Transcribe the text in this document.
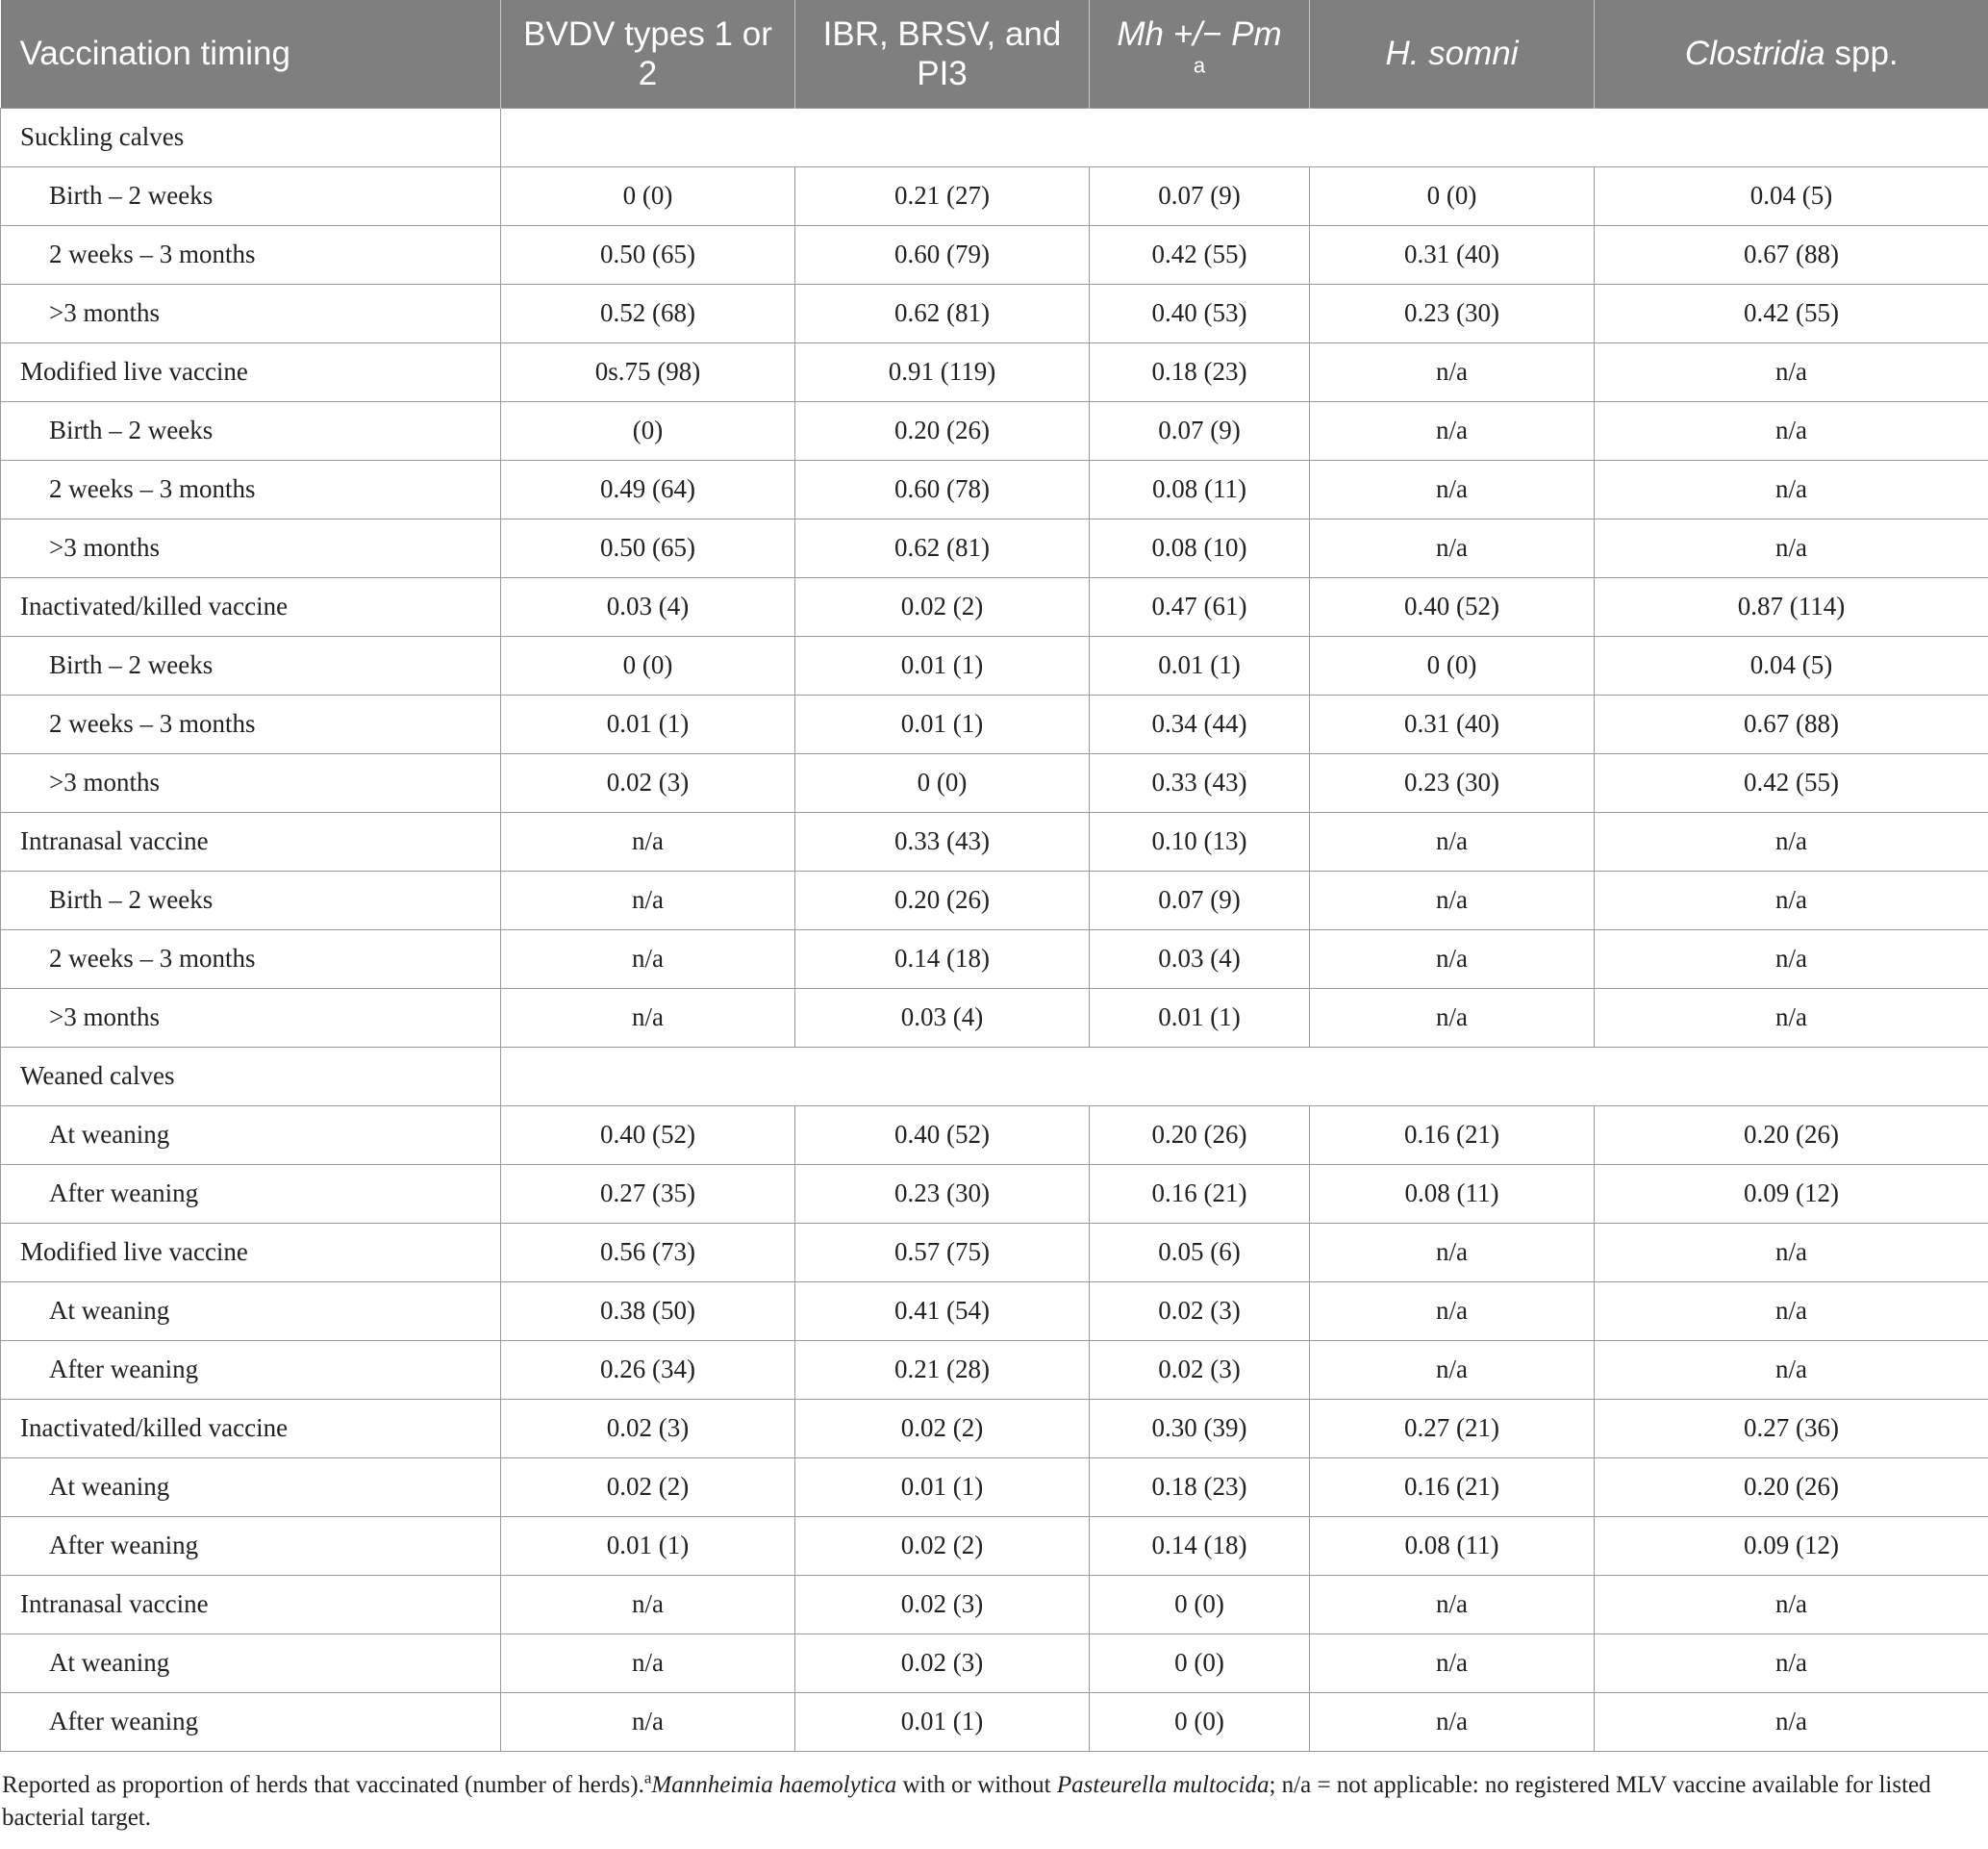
Vaccination timing	BVDV types 1 or 2	IBR, BRSV, and PI3	Mh +/− Pm $^a$	H. somni	Clostridia spp.
Suckling calves					
Birth – 2 weeks	0 (0)	0.21 (27)	0.07 (9)	0 (0)	0.04 (5)
2 weeks – 3 months	0.50 (65)	0.60 (79)	0.42 (55)	0.31 (40)	0.67 (88)
>3 months	0.52 (68)	0.62 (81)	0.40 (53)	0.23 (30)	0.42 (55)
Modified live vaccine	0s.75 (98)	0.91 (119)	0.18 (23)	n/a	n/a
Birth – 2 weeks	(0)	0.20 (26)	0.07 (9)	n/a	n/a
2 weeks – 3 months	0.49 (64)	0.60 (78)	0.08 (11)	n/a	n/a
>3 months	0.50 (65)	0.62 (81)	0.08 (10)	n/a	n/a
Inactivated/killed vaccine	0.03 (4)	0.02 (2)	0.47 (61)	0.40 (52)	0.87 (114)
Birth – 2 weeks	0 (0)	0.01 (1)	0.01 (1)	0 (0)	0.04 (5)
2 weeks – 3 months	0.01 (1)	0.01 (1)	0.34 (44)	0.31 (40)	0.67 (88)
>3 months	0.02 (3)	0 (0)	0.33 (43)	0.23 (30)	0.42 (55)
Intranasal vaccine	n/a	0.33 (43)	0.10 (13)	n/a	n/a
Birth – 2 weeks	n/a	0.20 (26)	0.07 (9)	n/a	n/a
2 weeks – 3 months	n/a	0.14 (18)	0.03 (4)	n/a	n/a
>3 months	n/a	0.03 (4)	0.01 (1)	n/a	n/a
Weaned calves					
At weaning	0.40 (52)	0.40 (52)	0.20 (26)	0.16 (21)	0.20 (26)
After weaning	0.27 (35)	0.23 (30)	0.16 (21)	0.08 (11)	0.09 (12)
Modified live vaccine	0.56 (73)	0.57 (75)	0.05 (6)	n/a	n/a
At weaning	0.38 (50)	0.41 (54)	0.02 (3)	n/a	n/a
After weaning	0.26 (34)	0.21 (28)	0.02 (3)	n/a	n/a
Inactivated/killed vaccine	0.02 (3)	0.02 (2)	0.30 (39)	0.27 (21)	0.27 (36)
At weaning	0.02 (2)	0.01 (1)	0.18 (23)	0.16 (21)	0.20 (26)
After weaning	0.01 (1)	0.02 (2)	0.14 (18)	0.08 (11)	0.09 (12)
Intranasal vaccine	n/a	0.02 (3)	0 (0)	n/a	n/a
At weaning	n/a	0.02 (3)	0 (0)	n/a	n/a
After weaning	n/a	0.01 (1)	0 (0)	n/a	n/a
Reported as proportion of herds that vaccinated (number of herds).$^a$Mannheimia haemolytica with or without Pasteurella multocida; n/a = not applicable: no registered MLV vaccine available for listed bacterial target.
